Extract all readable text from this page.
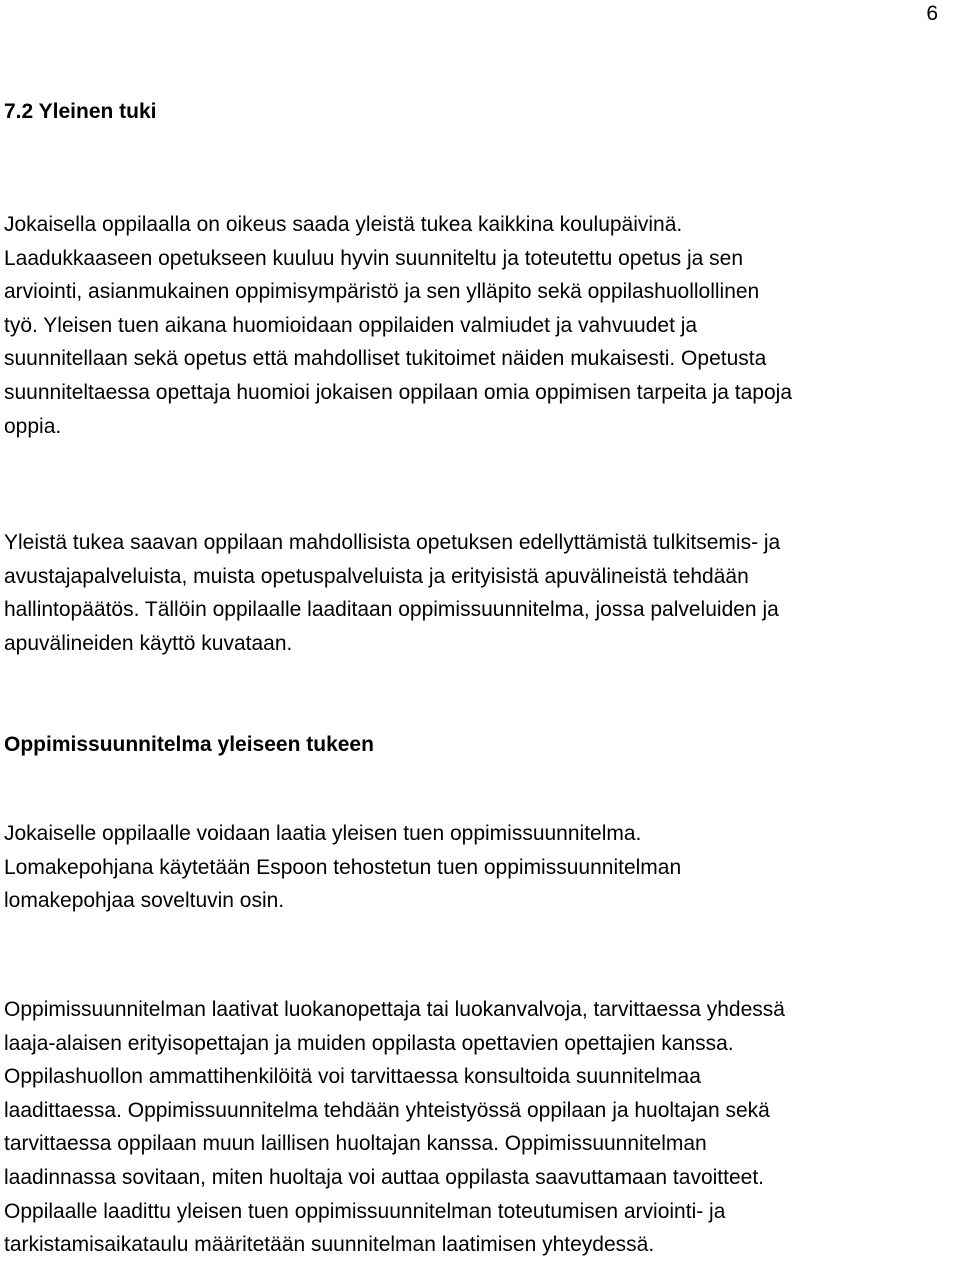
6
7.2 Yleinen tuki
Jokaisella oppilaalla on oikeus saada yleistä tukea kaikkina koulupäivinä.
Laadukkaaseen opetukseen kuuluu hyvin suunniteltu ja toteutettu opetus ja sen
arviointi, asianmukainen oppimisympäristö ja sen ylläpito sekä oppilashuollollinen
työ. Yleisen tuen aikana huomioidaan oppilaiden valmiudet ja vahvuudet ja
suunnitellaan sekä opetus että mahdolliset tukitoimet näiden mukaisesti. Opetusta
suunniteltaessa opettaja huomioi jokaisen oppilaan omia oppimisen tarpeita ja tapoja
oppia.
Yleistä tukea saavan oppilaan mahdollisista opetuksen edellyttämistä tulkitsemis- ja
avustajapalveluista, muista opetuspalveluista ja erityisistä apuvälineistä tehdään
hallintopäätös. Tällöin oppilaalle laaditaan oppimissuunnitelma, jossa palveluiden ja
apuvälineiden käyttö kuvataan.
Oppimissuunnitelma yleiseen tukeen
Jokaiselle oppilaalle voidaan laatia yleisen tuen oppimissuunnitelma.
Lomakepohjana käytetään Espoon tehostetun tuen oppimissuunnitelman
lomakepohjaa soveltuvin osin.
Oppimissuunnitelman laativat luokanopettaja tai luokanvalvoja, tarvittaessa yhdessä
laaja-alaisen erityisopettajan ja muiden oppilasta opettavien opettajien kanssa.
Oppilashuollon ammattihenkilöitä voi tarvittaessa konsultoida suunnitelmaa
laadittaessa. Oppimissuunnitelma tehdään yhteistyössä oppilaan ja huoltajan sekä
tarvittaessa oppilaan muun laillisen huoltajan kanssa. Oppimissuunnitelman
laadinnassa sovitaan, miten huoltaja voi auttaa oppilasta saavuttamaan tavoitteet.
Oppilaalle laadittu yleisen tuen oppimissuunnitelman toteutumisen arviointi- ja
tarkistamisaikataulu määritetään suunnitelman laatimisen yhteydessä.
